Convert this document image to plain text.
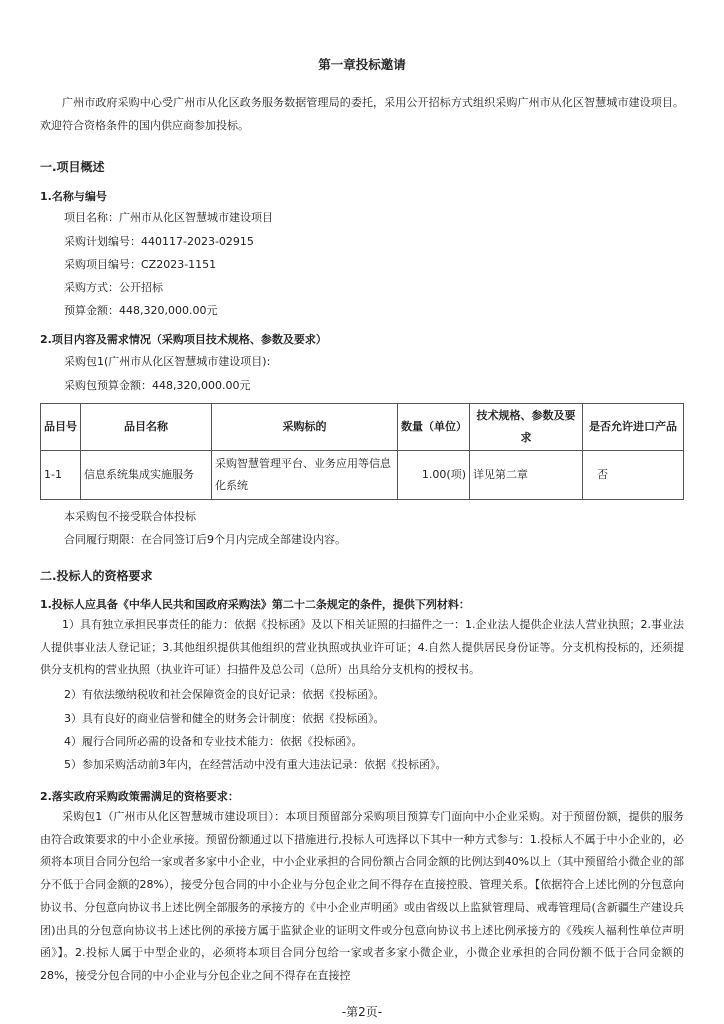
第一章投标邀请
广州市政府采购中心受广州市从化区政务服务数据管理局的委托，采用公开招标方式组织采购广州市从化区智慧城市建设项目。欢迎符合资格条件的国内供应商参加投标。
一.项目概述
1.名称与编号
项目名称：广州市从化区智慧城市建设项目
采购计划编号：440117-2023-02915
采购项目编号：CZ2023-1151
采购方式：公开招标
预算金额：448,320,000.00元
2.项目内容及需求情况（采购项目技术规格、参数及要求）
采购包1(广州市从化区智慧城市建设项目):
采购包预算金额：448,320,000.00元
品目号	品目名称	采购标的	数量（单位）	技术规格、参数及要求	是否允许进口产品
1-1	信息系统集成实施服务	采购智慧管理平台、业务应用等信息化系统	1.00(项)	详见第二章	否
本采购包不接受联合体投标
合同履行期限：在合同签订后9个月内完成全部建设内容。
二.投标人的资格要求
1.投标人应具备《中华人民共和国政府采购法》第二十二条规定的条件，提供下列材料：
1）具有独立承担民事责任的能力：依据《投标函》及以下相关证照的扫描件之一：1.企业法人提供企业法人营业执照；2.事业法人提供事业法人登记证；3.其他组织提供其他组织的营业执照或执业许可证；4.自然人提供居民身份证等。分支机构投标的，还须提供分支机构的营业执照（执业许可证）扫描件及总公司（总所）出具给分支机构的授权书。
2）有依法缴纳税收和社会保障资金的良好记录：依据《投标函》。
3）具有良好的商业信誉和健全的财务会计制度：依据《投标函》。
4）履行合同所必需的设备和专业技术能力：依据《投标函》。
5）参加采购活动前3年内，在经营活动中没有重大违法记录：依据《投标函》。
2.落实政府采购政策需满足的资格要求：
采购包1（广州市从化区智慧城市建设项目）：本项目预留部分采购项目预算专门面向中小企业采购。对于预留份额，提供的服务由符合政策要求的中小企业承接。预留份额通过以下措施进行,投标人可选择以下其中一种方式参与：1.投标人不属于中小企业的，必须将本项目合同分包给一家或者多家中小企业，中小企业承担的合同份额占合同金额的比例达到40%以上（其中预留给小微企业的部分不低于合同金额的28%），接受分包合同的中小企业与分包企业之间不得存在直接控股、管理关系。【依据符合上述比例的分包意向协议书、分包意向协议书上述比例全部服务的承接方的《中小企业声明函》或由省级以上监狱管理局、戒毒管理局(含新疆生产建设兵团)出具的分包意向协议书上述比例的承接方属于监狱企业的证明文件或分包意向协议书上述比例承接方的《残疾人福利性单位声明函》】。2.投标人属于中型企业的，必须将本项目合同分包给一家或者多家小微企业，小微企业承担的合同份额不低于合同金额的28%，接受分包合同的中小企业与分包企业之间不得存在直接控
-第2页-
